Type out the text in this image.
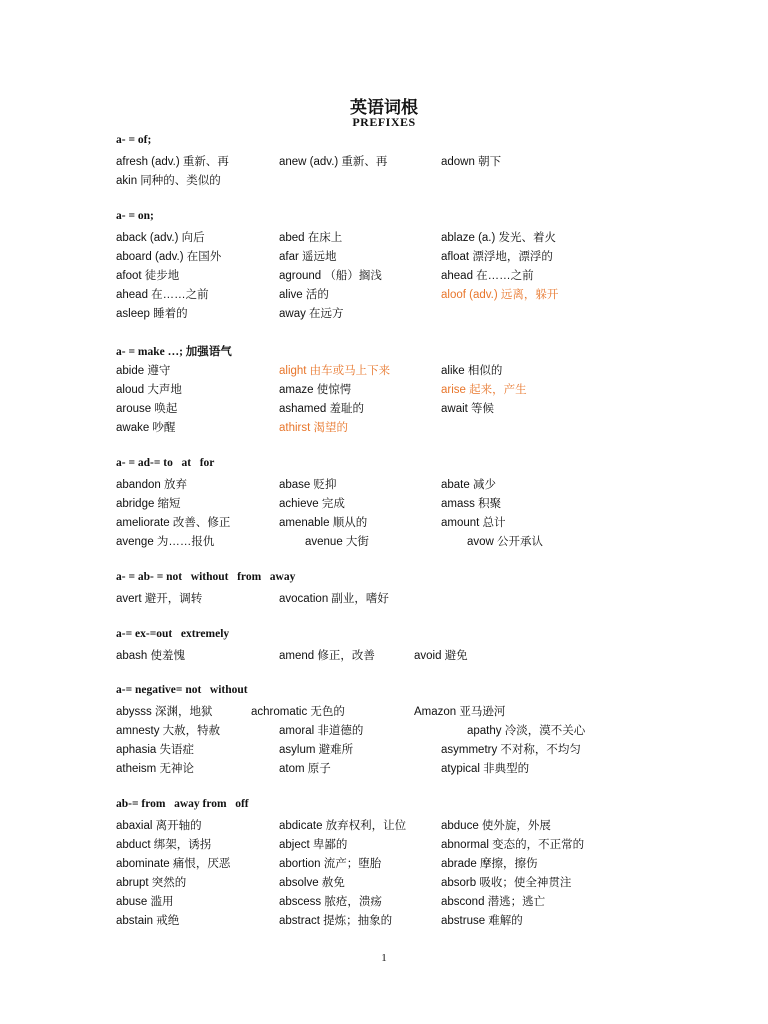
英语词根
PREFIXES
a- = of;
afresh (adv.) 重新、再	anew (adv.) 重新、再	adown 朝下
akin 同种的、类似的
a- = on;
aback (adv.) 向后	abed 在床上	ablaze (a.) 发光、着火
aboard (adv.) 在国外	afar 遥远地	afloat 漂浮地，漂浮的
afoot 徒步地	aground （船）搁浅	ahead 在……之前
ahead 在……之前	alive 活的	aloof (adv.) 远离，躲开
asleep 睡着的	away 在远方
a- = make …; 加强语气
abide 遵守	alight 由车或马上下来	alike 相似的
aloud 大声地	amaze 使惊愕	arise 起来，产生
arouse 唤起	ashamed 羞耻的	await 等候
awake 吵醒	athirst 渴望的
a- = ad-= to   at   for
abandon 放弃	abase 贬抑	abate 减少
abridge 缩短	achieve 完成	amass 积聚
ameliorate 改善、修正	amenable 顺从的	amount 总计
avenge 为……报仇	avenue 大街	avow 公开承认
a- = ab- = not   without   from   away
avert 避开，调转	avocation 副业，嗜好
a-= ex-=out   extremely
abash 使羞愧	amend 修正，改善	avoid 避免
a-= negative= not   without
abysss 深渊，地狱	achromatic 无色的	Amazon 亚马逊河
amnesty 大赦，特赦	amoral 非道德的	apathy 冷淡，漠不关心
aphasia 失语症	asylum 避难所	asymmetry 不对称，不均匀
atheism 无神论	atom 原子	atypical 非典型的
ab-= from   away from   off
abaxial 离开轴的	abdicate 放弃权利，让位	abduce 使外旋，外展
abduct 绑架，诱拐	abject 卑鄙的	abnormal 变态的，不正常的
abominate 痛恨，厌恶	abortion 流产；堕胎	abrade 摩擦，擦伤
abrupt 突然的	absolve 赦免	absorb 吸收；使全神贯注
abuse 滥用	abscess 脓疮，溃疡	abscond 潜逃；逃亡
abstain 戒绝	abstract 提炼；抽象的	abstruse 难解的
1
